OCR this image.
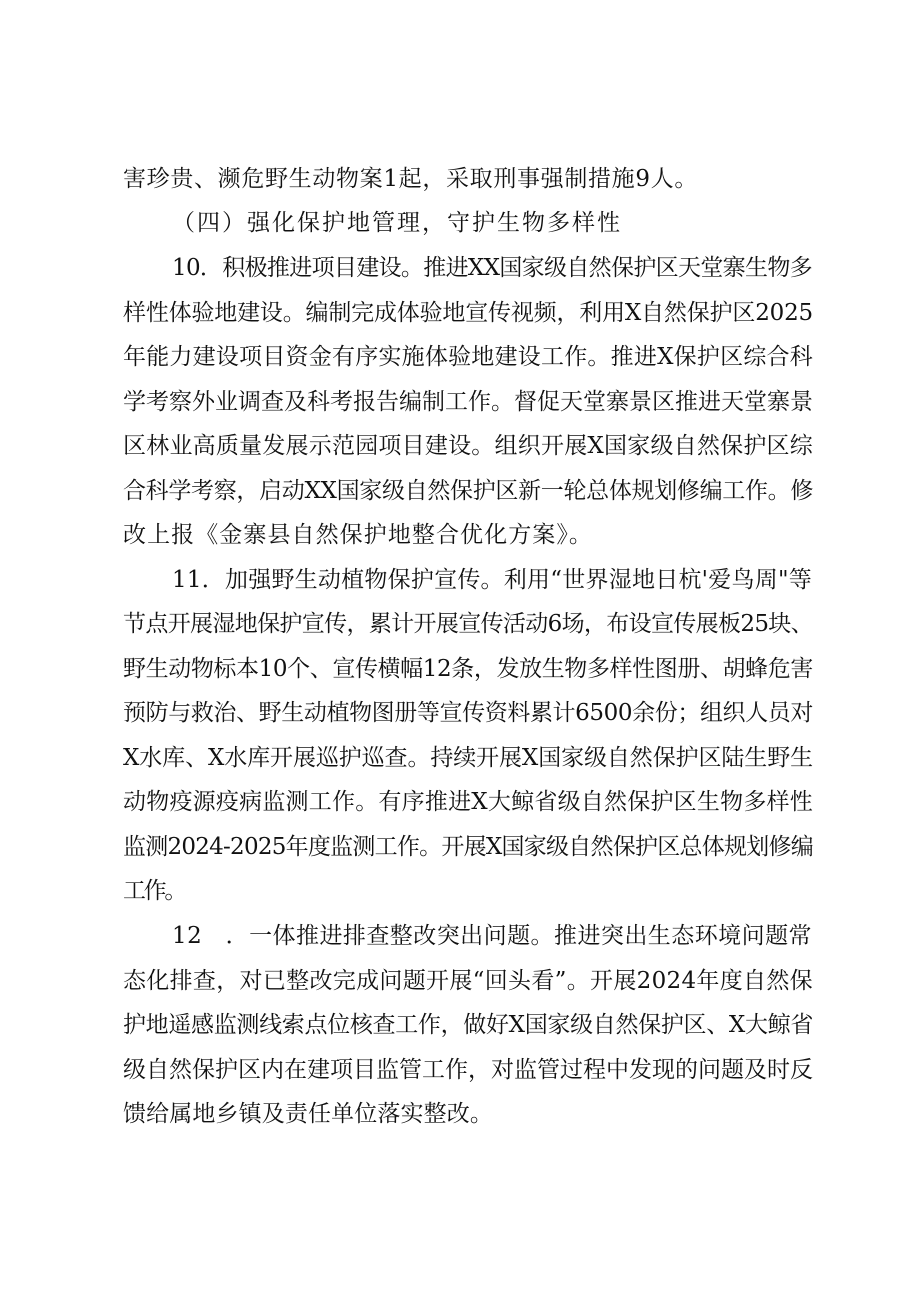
害珍贵、濒危野生动物案1起，采取刑事强制措施9人。
（四）强化保护地管理，守护生物多样性
10．积极推进项目建设。推进XX国家级自然保护区天堂寨生物多
样性体验地建设。编制完成体验地宣传视频，利用X自然保护区2025
年能力建设项目资金有序实施体验地建设工作。推进X保护区综合科
学考察外业调查及科考报告编制工作。督促天堂寨景区推进天堂寨景
区林业高质量发展示范园项目建设。组织开展X国家级自然保护区综
合科学考察，启动XX国家级自然保护区新一轮总体规划修编工作。修
改上报《金寨县自然保护地整合优化方案》。
11．加强野生动植物保护宣传。利用“世界湿地日杭'爱鸟周"等
节点开展湿地保护宣传，累计开展宣传活动6场，布设宣传展板25块、
野生动物标本10个、宣传横幅12条，发放生物多样性图册、胡蜂危害
预防与救治、野生动植物图册等宣传资料累计6500余份；组织人员对
X水库、X水库开展巡护巡查。持续开展X国家级自然保护区陆生野生
动物疫源疫病监测工作。有序推进X大鲸省级自然保护区生物多样性
监测2024-2025年度监测工作。开展X国家级自然保护区总体规划修编
工作。
12　．一体推进排查整改突出问题。推进突出生态环境问题常
态化排查，对已整改完成问题开展“回头看”。开展2024年度自然保
护地遥感监测线索点位核查工作，做好X国家级自然保护区、X大鲸省
级自然保护区内在建项目监管工作，对监管过程中发现的问题及时反
馈给属地乡镇及责任单位落实整改。
